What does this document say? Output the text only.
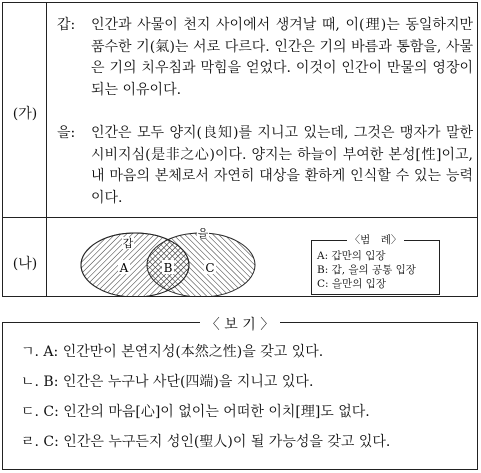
(가)
(나)
갑: 인간과 사물이 천지 사이에서 생겨날 때, 이(理)는 동일하지만 품수한 기(氣)는 서로 다르다. 인간은 기의 바름과 통함을, 사물은 기의 치우침과 막힘을 얻었다. 이것이 인간이 만물의 영장이 되는 이유이다.
을: 인간은 모두 양지(良知)를 지니고 있는데, 그것은 맹자가 말한 시비지심(是非之心)이다. 양지는 하늘이 부여한 본성[性]이고, 내 마음의 본체로서 자연히 대상을 환하게 인식할 수 있는 능력이다.
갑
을
A	B	C
〈범　례〉
A: 갑만의 입장
B: 갑, 을의 공통 입장
C: 을만의 입장
〈 보 기 〉
ㄱ. A: 인간만이 본연지성(本然之性)을 갖고 있다.
ㄴ. B: 인간은 누구나 사단(四端)을 지니고 있다.
ㄷ. C: 인간의 마음[心]이 없이는 어떠한 이치[理]도 없다.
ㄹ. C: 인간은 누구든지 성인(聖人)이 될 가능성을 갖고 있다.
